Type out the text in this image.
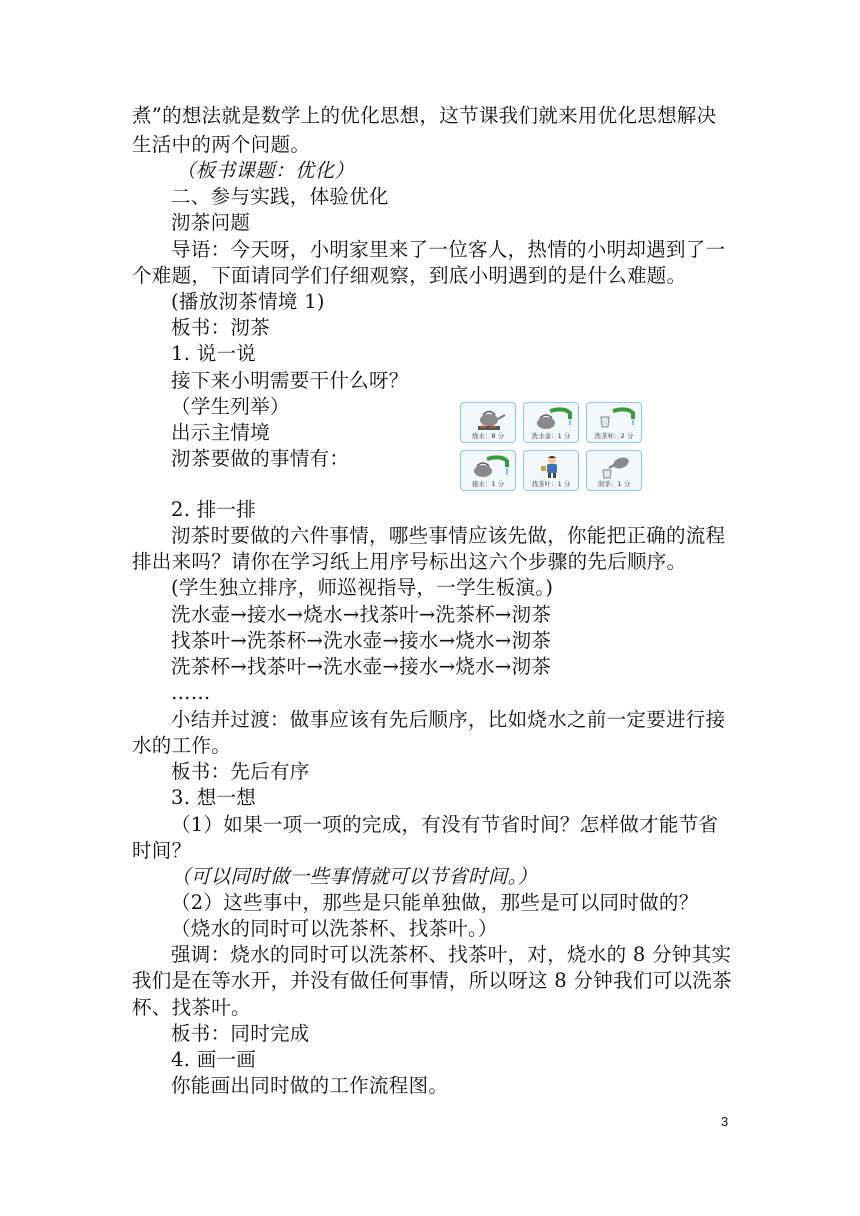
煮”的想法就是数学上的优化思想，这节课我们就来用优化思想解决
生活中的两个问题。
（板书课题：优化）
二、参与实践，体验优化
沏茶问题
导语：今天呀，小明家里来了一位客人，热情的小明却遇到了一
个难题，下面请同学们仔细观察，到底小明遇到的是什么难题。
(播放沏茶情境 1)
板书：沏茶
1. 说一说
接下来小明需要干什么呀？
（学生列举）
出示主情境
沏茶要做的事情有：
烧水：8 分	洗水壶：1 分	洗茶杯：2 分
接水：1 分	找茶叶：1 分	沏茶：1 分
2. 排一排
沏茶时要做的六件事情，哪些事情应该先做，你能把正确的流程
排出来吗？请你在学习纸上用序号标出这六个步骤的先后顺序。
(学生独立排序，师巡视指导，一学生板演。)
洗水壶→接水→烧水→找茶叶→洗茶杯→沏茶
找茶叶→洗茶杯→洗水壶→接水→烧水→沏茶
洗茶杯→找茶叶→洗水壶→接水→烧水→沏茶
……
小结并过渡：做事应该有先后顺序，比如烧水之前一定要进行接
水的工作。
板书：先后有序
3. 想一想
（1）如果一项一项的完成，有没有节省时间？怎样做才能节省
时间？
（可以同时做一些事情就可以节省时间。）
（2）这些事中，那些是只能单独做，那些是可以同时做的？
（烧水的同时可以洗茶杯、找茶叶。）
强调：烧水的同时可以洗茶杯、找茶叶，对，烧水的 8 分钟其实
我们是在等水开，并没有做任何事情，所以呀这 8 分钟我们可以洗茶
杯、找茶叶。
板书：同时完成
4. 画一画
你能画出同时做的工作流程图。
3
